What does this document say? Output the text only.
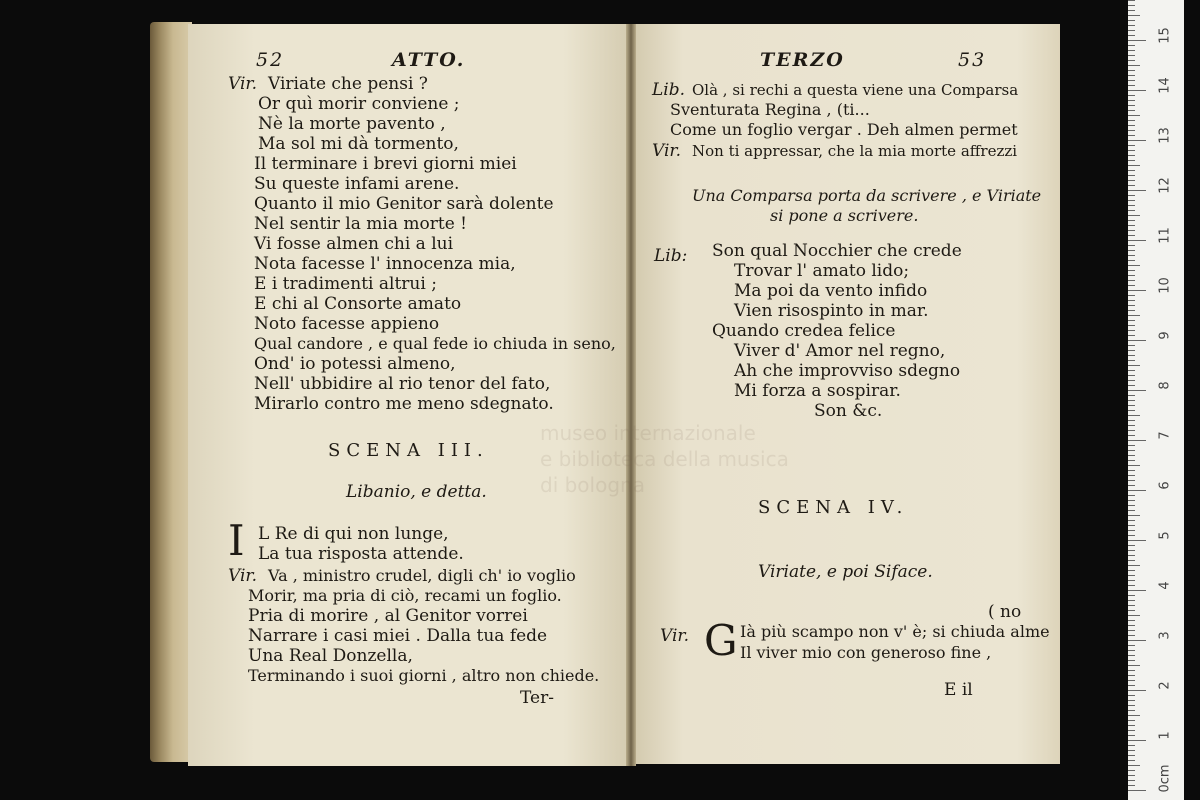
museo internazionale
e biblioteca della musica
di bologna
52	ATTO.
Vir. Viriate che pensi ?
Or quì morir conviene ;
Nè la morte pavento ,
Ma sol mi dà tormento,
Il terminare i brevi giorni miei
Su queste infami arene.
Quanto il mio Genitor sarà dolente
Nel sentir la mia morte !
Vi fosse almen chi a lui
Nota facesse l' innocenza mia,
E i tradimenti altrui ;
E chi al Consorte amato
Noto facesse appieno
Qual candore , e qual fede io chiuda in seno,
Ond' io potessi almeno,
Nell' ubbidire al rio tenor del fato,
Mirarlo contro me meno sdegnato.
SCENA III.
Libanio, e detta.
I L Re di qui non lunge,
La tua risposta attende.
Vir. Va , ministro crudel, digli ch' io voglio
Morir, ma pria di ciò, recami un foglio.
Pria di morire , al Genitor vorrei
Narrare i casi miei . Dalla tua fede
Una Real Donzella,
Terminando i suoi giorni , altro non chiede.
Ter-
TERZO	53
Lib. Olà , si rechi a questa viene una Comparsa
Sventurata Regina , (ti...
Come un foglio vergar . Deh almen permet
Vir. Non ti appressar, che la mia morte affrezzi
Una Comparsa porta da scrivere , e Viriate
si pone a scrivere.
Lib: Son qual Nocchier che crede
Trovar l' amato lido;
Ma poi da vento infido
Vien risospinto in mar.
Quando credea felice
Viver d' Amor nel regno,
Ah che improvviso sdegno
Mi forza a sospirar.
Son &c.
SCENA IV.
Viriate, e poi Siface.
( no
Vir. G Ià più scampo non v' è; si chiuda alme
Il viver mio con generoso fine ,
E il
15
14
13
12
11
10
9
8
7
6
5
4
3
2
1
0cm
